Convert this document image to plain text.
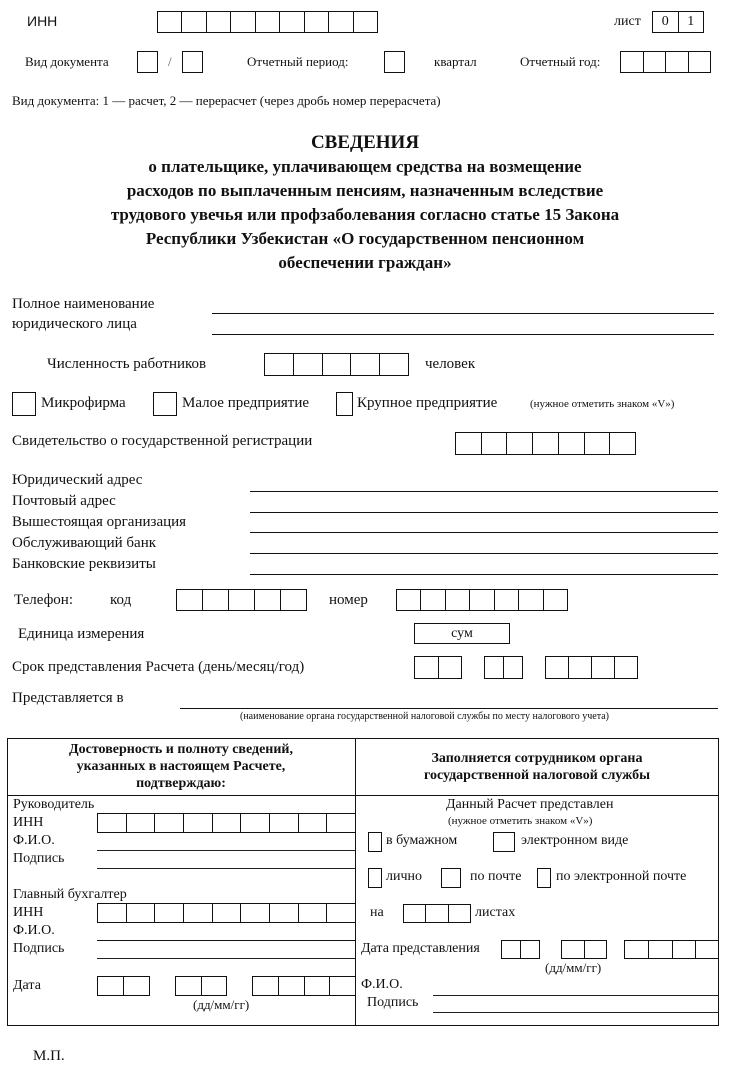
ИНН	лист	0	1
Вид документа	/	Отчетный период:	квартал	Отчетный год:
Вид документа: 1 — расчет, 2 — перерасчет (через дробь номер перерасчета)
СВЕДЕНИЯ
о плательщике, уплачивающем средства на возмещение
расходов по выплаченным пенсиям, назначенным вследствие
трудового увечья или профзаболевания согласно статье 15 Закона
Республики Узбекистан «О государственном пенсионном
обеспечении граждан»
Полное наименование
юридического лица
Численность работников	человек
Микрофирма	Малое предприятие	Крупное предприятие	(нужное отметить знаком «V»)
Свидетельство о государственной регистрации
Юридический адрес
Почтовый адрес
Вышестоящая организация
Обслуживающий банк
Банковские реквизиты
Телефон: код	номер
Единица измерения	сум
Срок представления Расчета (день/месяц/год)
Представляется в
(наименование органа государственной налоговой службы по месту налогового учета)
Достоверность и полноту сведений,
указанных в настоящем Расчете,
подтверждаю:
Заполняется сотрудником органа
государственной налоговой службы
Руководитель
ИНН
Ф.И.О.
Подпись
Главный бухгалтер
ИНН
Ф.И.О.
Подпись
Дата
(дд/мм/гг)
Данный Расчет представлен
(нужное отметить знаком «V»)
в бумажном	электронном виде
лично	по почте по электронной почте
на	листах
Дата представления
(дд/мм/гг)
Ф.И.О.
Подпись
М.П.
